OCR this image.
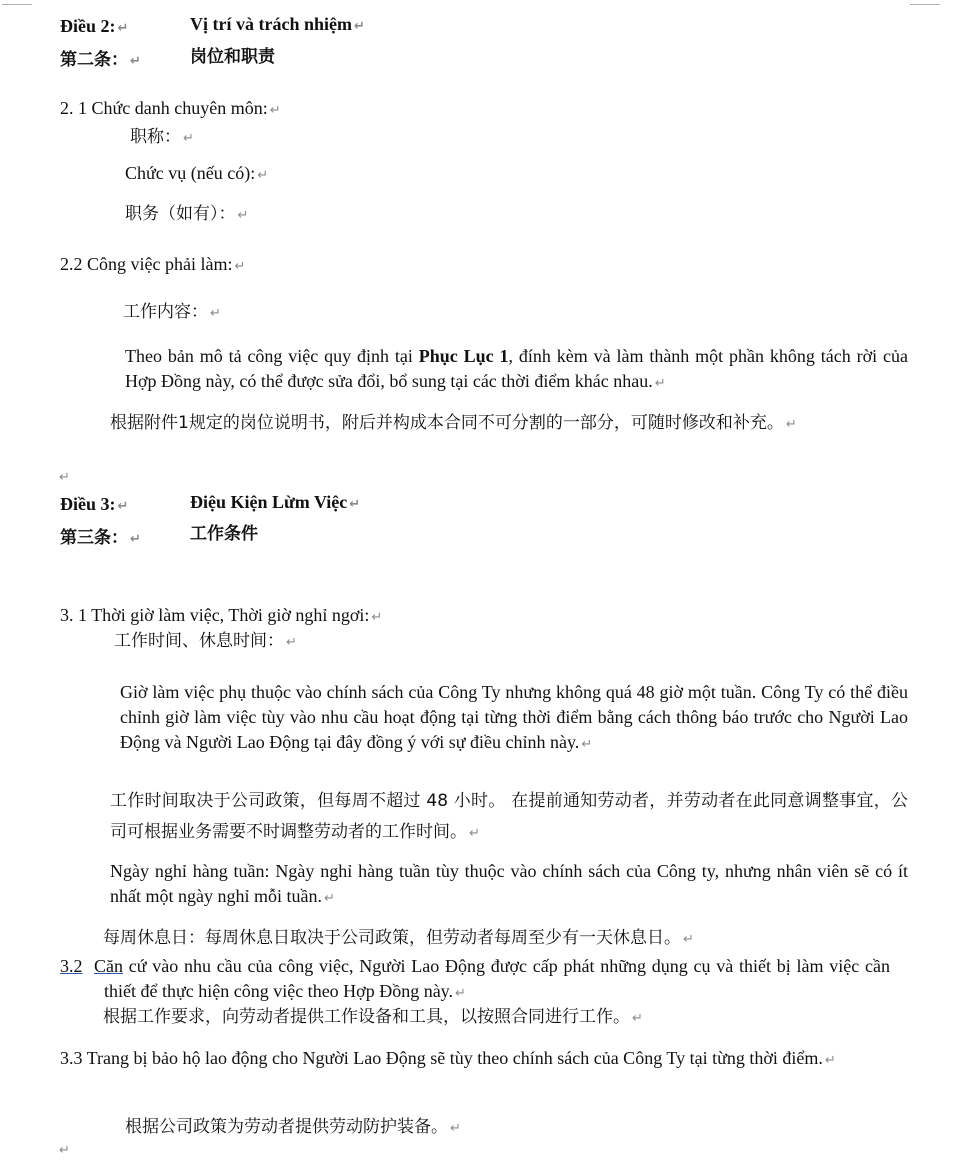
Điều 2: ↵	Vị trí và trách nhiệm ↵
第二条： ↵	岗位和职责
2. 1 Chức danh chuyên môn: ↵
职称： ↵
Chức vụ (nếu có): ↵
职务（如有）： ↵
2.2 Công việc phải làm: ↵
工作内容： ↵
Theo bản mô tả công việc quy định tại Phục Lục 1, đính kèm và làm thành một phần không tách rời của Hợp Đồng này, có thể được sửa đổi, bổ sung tại các thời điểm khác nhau. ↵
根据附件1规定的岗位说明书，附后并构成本合同不可分割的一部分，可随时修改和补充。 ↵
↵
Điều 3: ↵	Điệu Kiện Lừm Việc ↵
第三条： ↵	工作条件
3. 1 Thời giờ làm việc, Thời giờ nghỉ ngơi: ↵
工作时间、休息时间： ↵
Giờ làm việc phụ thuộc vào chính sách của Công Ty nhưng không quá 48 giờ một tuần. Công Ty có thể điều chỉnh giờ làm việc tùy vào nhu cầu hoạt động tại từng thời điểm bằng cách thông báo trước cho Người Lao Động và Người Lao Động tại đây đồng ý với sự điều chỉnh này. ↵
工作时间取决于公司政策，但每周不超过 48 小时。 在提前通知劳动者，并劳动者在此同意调整事宜，公司可根据业务需要不时调整劳动者的工作时间。 ↵
Ngày nghỉ hàng tuần: Ngày nghỉ hàng tuần tùy thuộc vào chính sách của Công ty, nhưng nhân viên sẽ có ít nhất một ngày nghỉ mỗi tuần. ↵
每周休息日：每周休息日取决于公司政策，但劳动者每周至少有一天休息日。 ↵
3.2 Căn cứ vào nhu cầu của công việc, Người Lao Động được cấp phát những dụng cụ và thiết bị làm việc cần thiết để thực hiện công việc theo Hợp Đồng này. ↵
根据工作要求，向劳动者提供工作设备和工具，以按照合同进行工作。 ↵
3.3 Trang bị bảo hộ lao động cho Người Lao Động sẽ tùy theo chính sách của Công Ty tại từng thời điểm. ↵
根据公司政策为劳动者提供劳动防护装备。 ↵
↵
